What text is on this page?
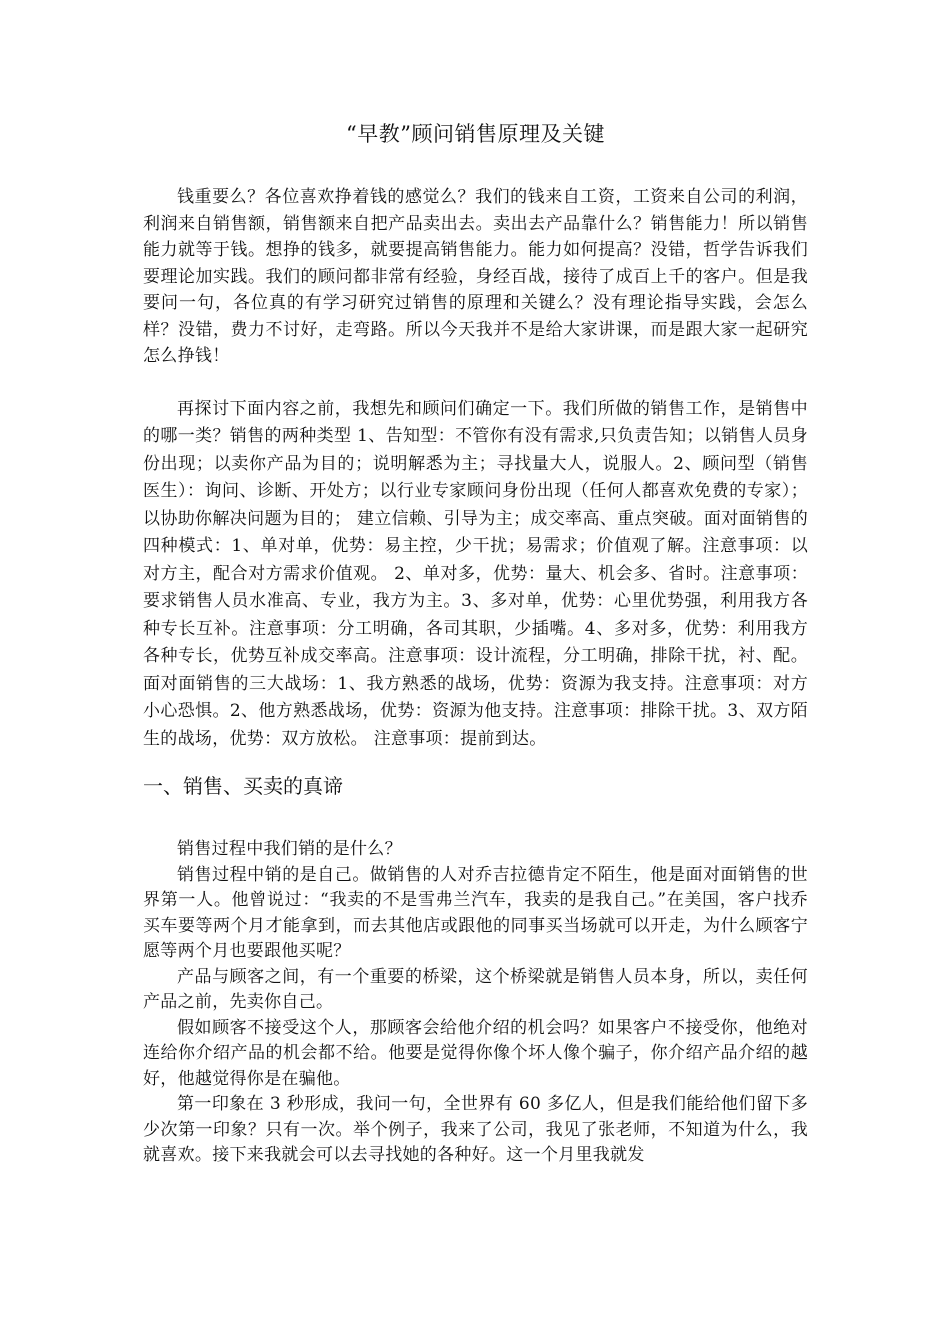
“早教”顾问销售原理及关键

钱重要么？各位喜欢挣着钱的感觉么？我们的钱来自工资，工资来自公司的利润，利润来自销售额，销售额来自把产品卖出去。卖出去产品靠什么？销售能力！所以销售能力就等于钱。想挣的钱多，就要提高销售能力。能力如何提高？没错，哲学告诉我们要理论加实践。我们的顾问都非常有经验，身经百战，接待了成百上千的客户。但是我要问一句，各位真的有学习研究过销售的原理和关键么？没有理论指导实践，会怎么样？没错，费力不讨好，走弯路。所以今天我并不是给大家讲课，而是跟大家一起研究怎么挣钱！

再探讨下面内容之前，我想先和顾问们确定一下。我们所做的销售工作，是销售中的哪一类？销售的两种类型 1、告知型：不管你有没有需求,只负责告知；以销售人员身份出现；以卖你产品为目的；说明解悉为主；寻找量大人，说服人。2、顾问型（销售医生）：询问、诊断、开处方；以行业专家顾问身份出现（任何人都喜欢免费的专家）；以协助你解决问题为目的； 建立信赖、引导为主；成交率高、重点突破。面对面销售的四种模式：1、单对单，优势：易主控，少干扰；易需求；价值观了解。注意事项：以对方主，配合对方需求价值观。 2、单对多，优势：量大、机会多、省时。注意事项：要求销售人员水准高、专业，我方为主。3、多对单，优势：心里优势强，利用我方各种专长互补。注意事项：分工明确，各司其职，少插嘴。4、多对多，优势：利用我方各种专长，优势互补成交率高。注意事项：设计流程，分工明确，排除干扰，衬、配。面对面销售的三大战场：1、我方熟悉的战场，优势：资源为我支持。注意事项：对方小心恐惧。2、他方熟悉战场，优势：资源为他支持。注意事项：排除干扰。3、双方陌生的战场，优势：双方放松。 注意事项：提前到达。

一、销售、买卖的真谛

销售过程中我们销的是什么？

销售过程中销的是自己。做销售的人对乔吉拉德肯定不陌生，他是面对面销售的世界第一人。他曾说过：“我卖的不是雪弗兰汽车，我卖的是我自己。”在美国，客户找乔买车要等两个月才能拿到，而去其他店或跟他的同事买当场就可以开走，为什么顾客宁愿等两个月也要跟他买呢？

产品与顾客之间，有一个重要的桥梁，这个桥梁就是销售人员本身，所以，卖任何产品之前，先卖你自己。

假如顾客不接受这个人，那顾客会给他介绍的机会吗？如果客户不接受你，他绝对连给你介绍产品的机会都不给。他要是觉得你像个坏人像个骗子，你介绍产品介绍的越好，他越觉得你是在骗他。

第一印象在 3 秒形成，我问一句，全世界有 60 多亿人，但是我们能给他们留下多少次第一印象？只有一次。举个例子，我来了公司，我见了张老师，不知道为什么，我就喜欢。接下来我就会可以去寻找她的各种好。这一个月里我就发
